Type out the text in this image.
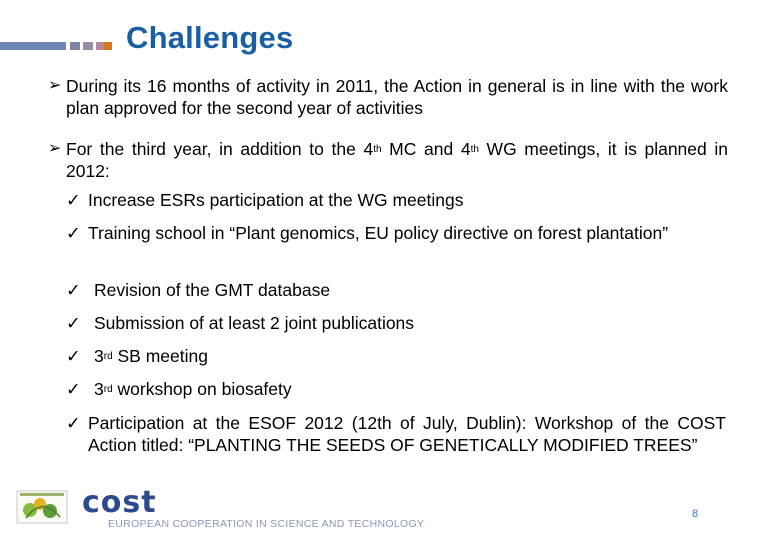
Challenges
➢ During its 16 months of activity in 2011, the Action in general is in line with the work plan approved for the second year of activities
➢ For the third year, in addition to the 4th MC and 4th WG meetings, it is planned in 2012:
✓ Increase ESRs participation at the WG meetings
✓ Training school in “Plant genomics, EU policy directive on forest plantation”
✓ Revision of the GMT database
✓ Submission of at least 2 joint publications
✓ 3rd SB meeting
✓ 3rd workshop on biosafety
✓ Participation at the ESOF 2012 (12th of July, Dublin): Workshop of the COST Action titled: “PLANTING THE SEEDS OF GENETICALLY MODIFIED TREES”
cost
EUROPEAN COOPERATION IN SCIENCE AND TECHNOLOGY
8
